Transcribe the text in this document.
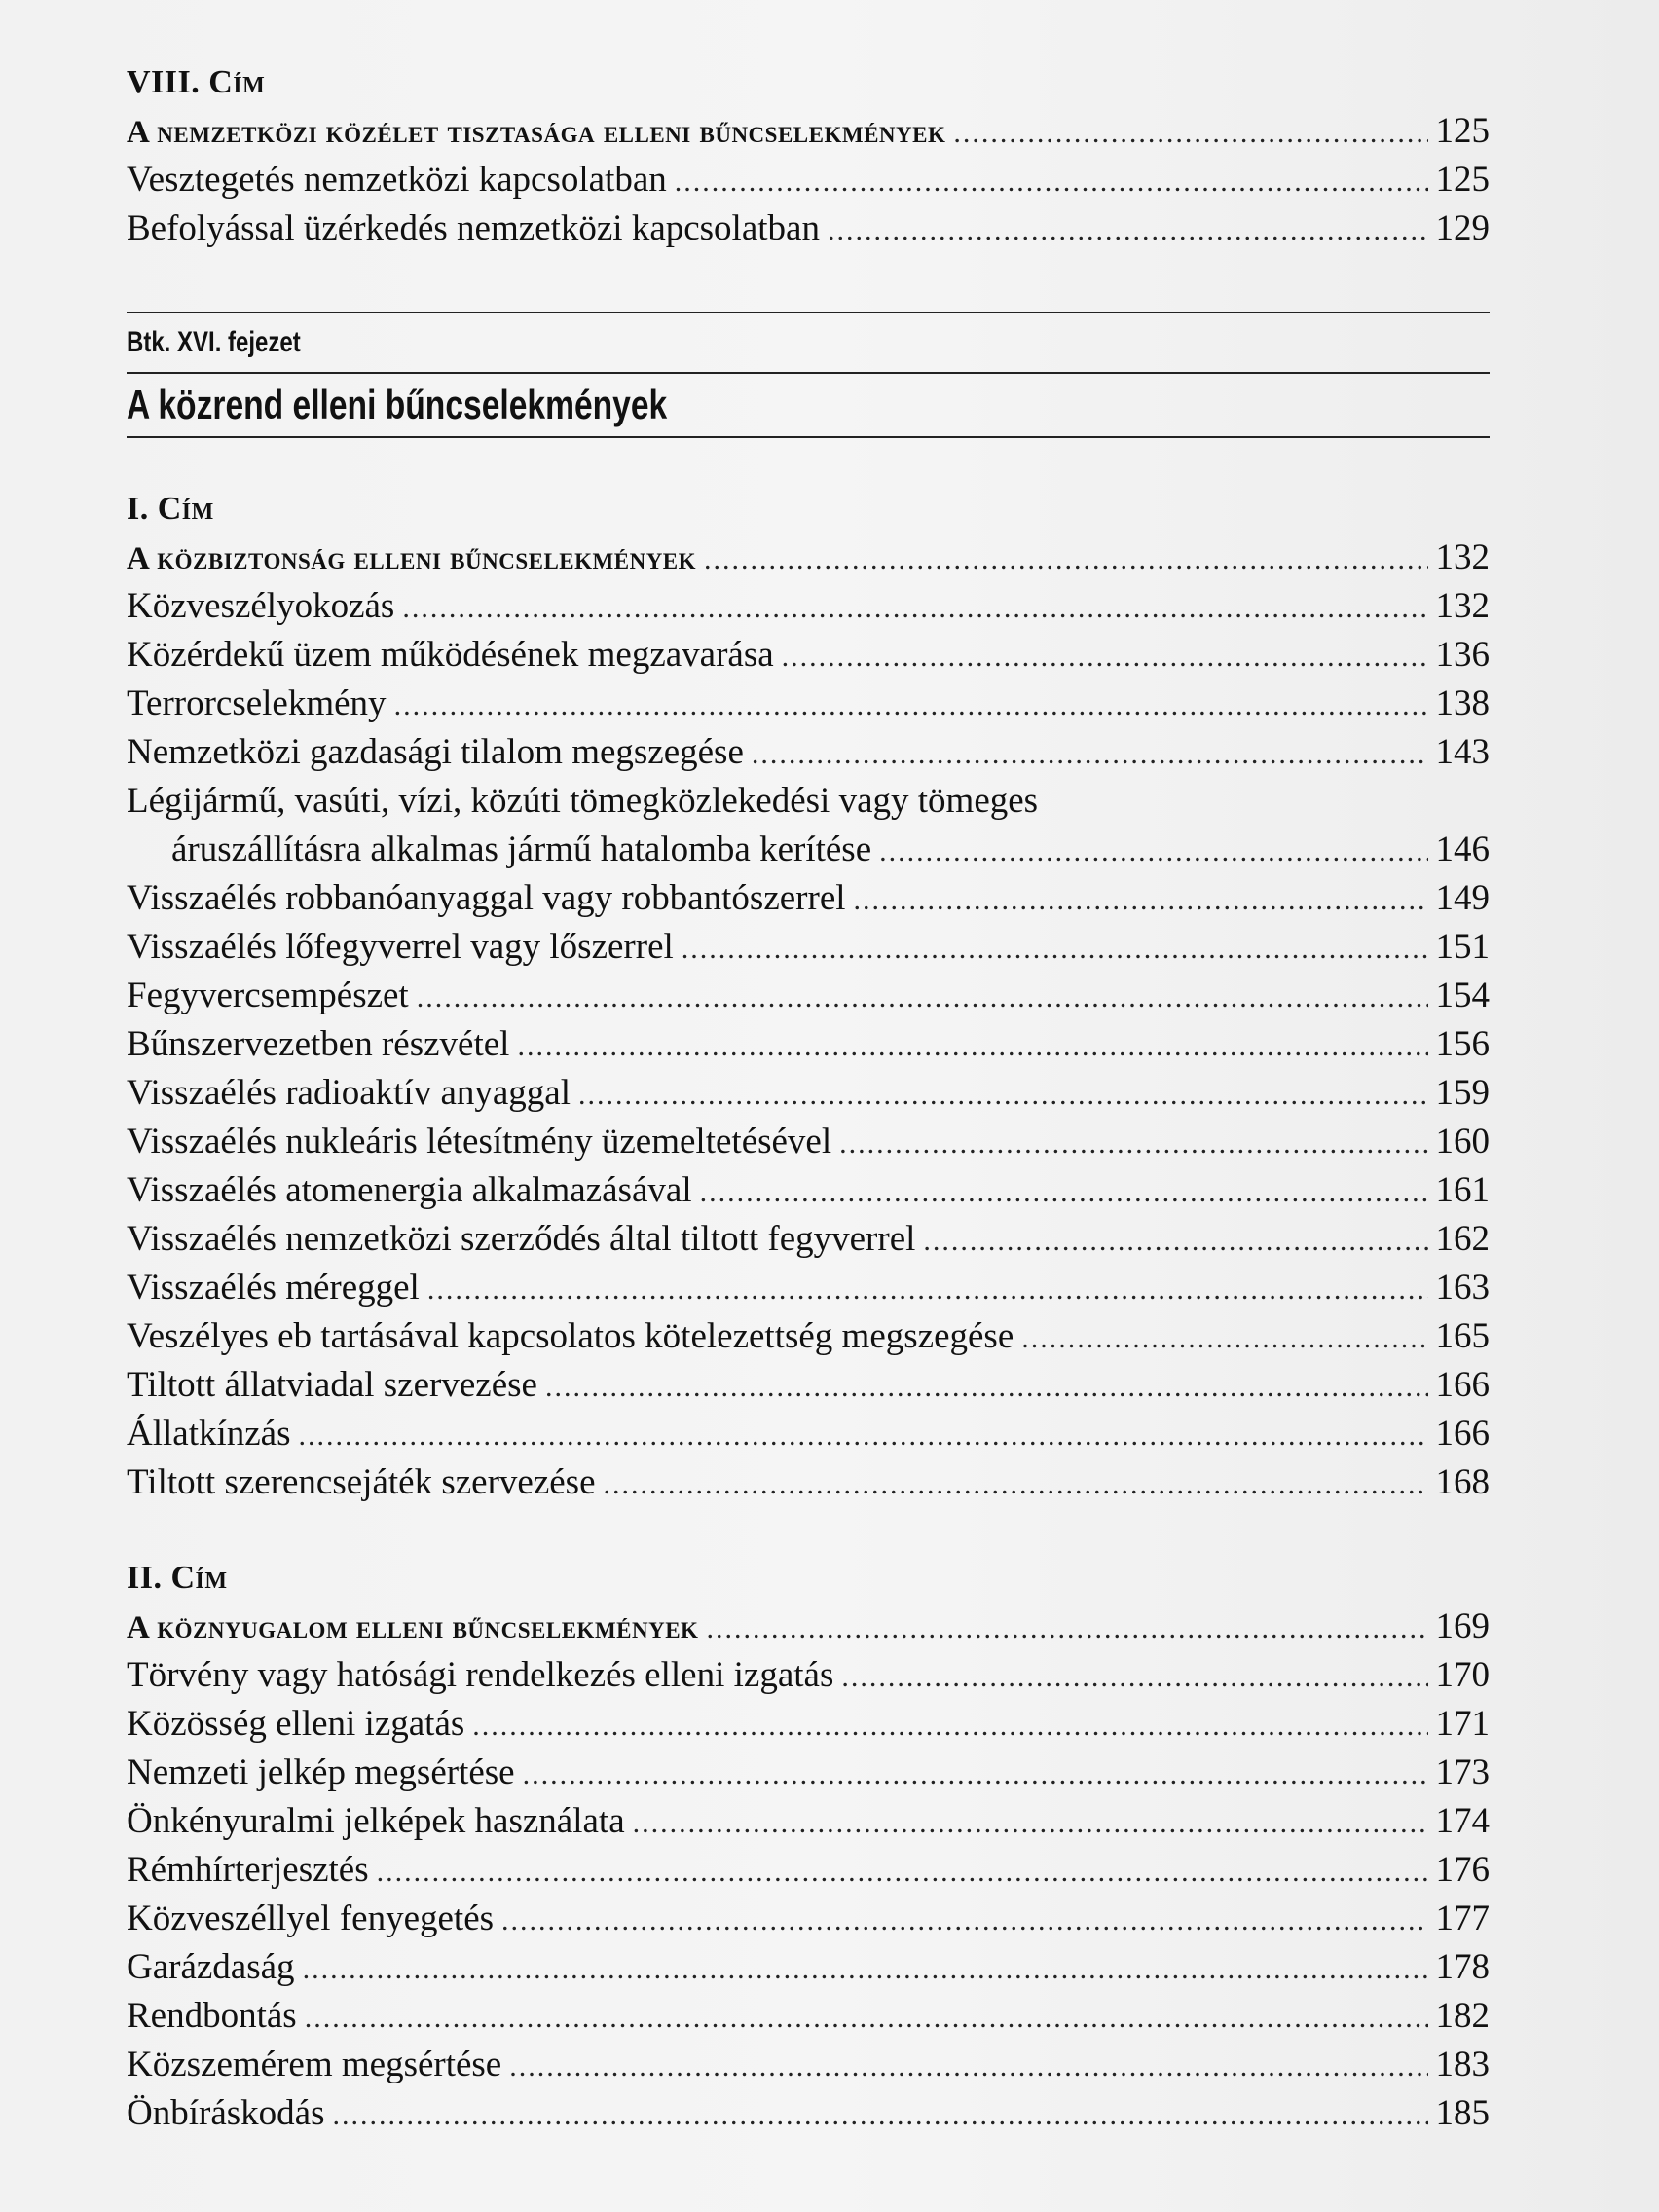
VIII. Cím
A nemzetközi közélet tisztasága elleni bűncselekmények .....	125
Vesztegetés nemzetközi kapcsolatban .....	125
Befolyással üzérkedés nemzetközi kapcsolatban .....	129
Btk. XVI. fejezet
A közrend elleni bűncselekmények
I. Cím
A közbiztonság elleni bűncselekmények .....	132
Közveszélyokozás .....	132
Közérdekű üzem működésének megzavarása .....	136
Terrorcselekmény .....	138
Nemzetközi gazdasági tilalom megszegése .....	143
Légijármű, vasúti, vízi, közúti tömegközlekedési vagy tömeges
áruszállításra alkalmas jármű hatalomba kerítése .....	146
Visszaélés robbanóanyaggal vagy robbantószerrel .....	149
Visszaélés lőfegyverrel vagy lőszerrel .....	151
Fegyvercsempészet .....	154
Bűnszervezetben részvétel .....	156
Visszaélés radioaktív anyaggal .....	159
Visszaélés nukleáris létesítmény üzemeltetésével .....	160
Visszaélés atomenergia alkalmazásával .....	161
Visszaélés nemzetközi szerződés által tiltott fegyverrel .....	162
Visszaélés méreggel .....	163
Veszélyes eb tartásával kapcsolatos kötelezettség megszegése .....	165
Tiltott állatviadal szervezése .....	166
Állatkínzás .....	166
Tiltott szerencsejáték szervezése .....	168
II. Cím
A köznyugalom elleni bűncselekmények .....	169
Törvény vagy hatósági rendelkezés elleni izgatás .....	170
Közösség elleni izgatás .....	171
Nemzeti jelkép megsértése .....	173
Önkényuralmi jelképek használata .....	174
Rémhírterjesztés .....	176
Közveszéllyel fenyegetés .....	177
Garázdaság .....	178
Rendbontás .....	182
Közszemérem megsértése .....	183
Önbíráskodás .....	185
